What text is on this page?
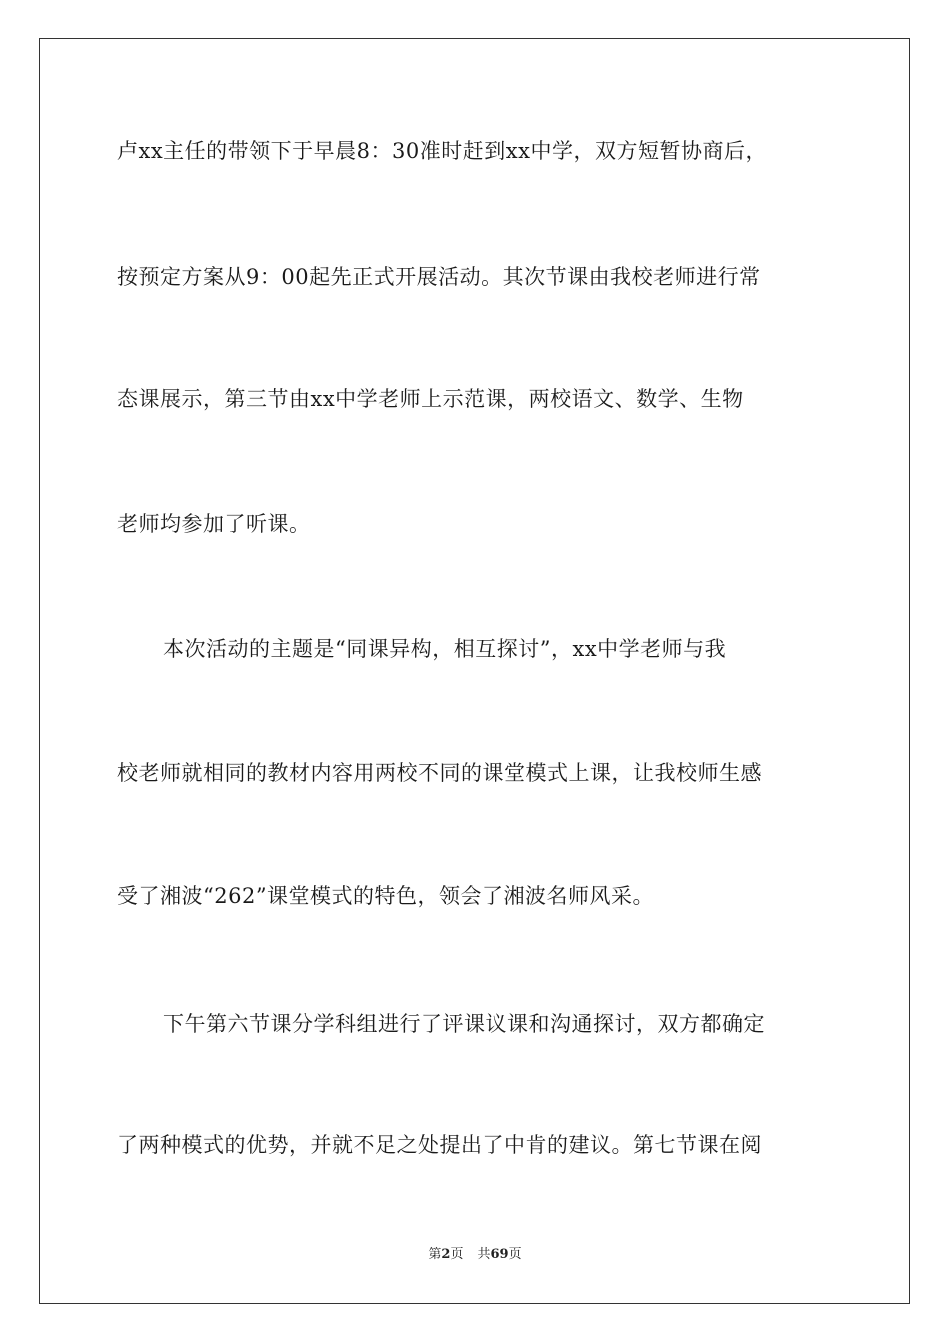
卢xx主任的带领下于早晨8：30准时赶到xx中学，双方短暂协商后，
按预定方案从9：00起先正式开展活动。其次节课由我校老师进行常
态课展示，第三节由xx中学老师上示范课，两校语文、数学、生物
老师均参加了听课。
本次活动的主题是“同课异构，相互探讨”，xx中学老师与我
校老师就相同的教材内容用两校不同的课堂模式上课，让我校师生感
受了湘波“262”课堂模式的特色，领会了湘波名师风采。
下午第六节课分学科组进行了评课议课和沟通探讨，双方都确定
了两种模式的优势，并就不足之处提出了中肯的建议。第七节课在阅
第2页 共69页
